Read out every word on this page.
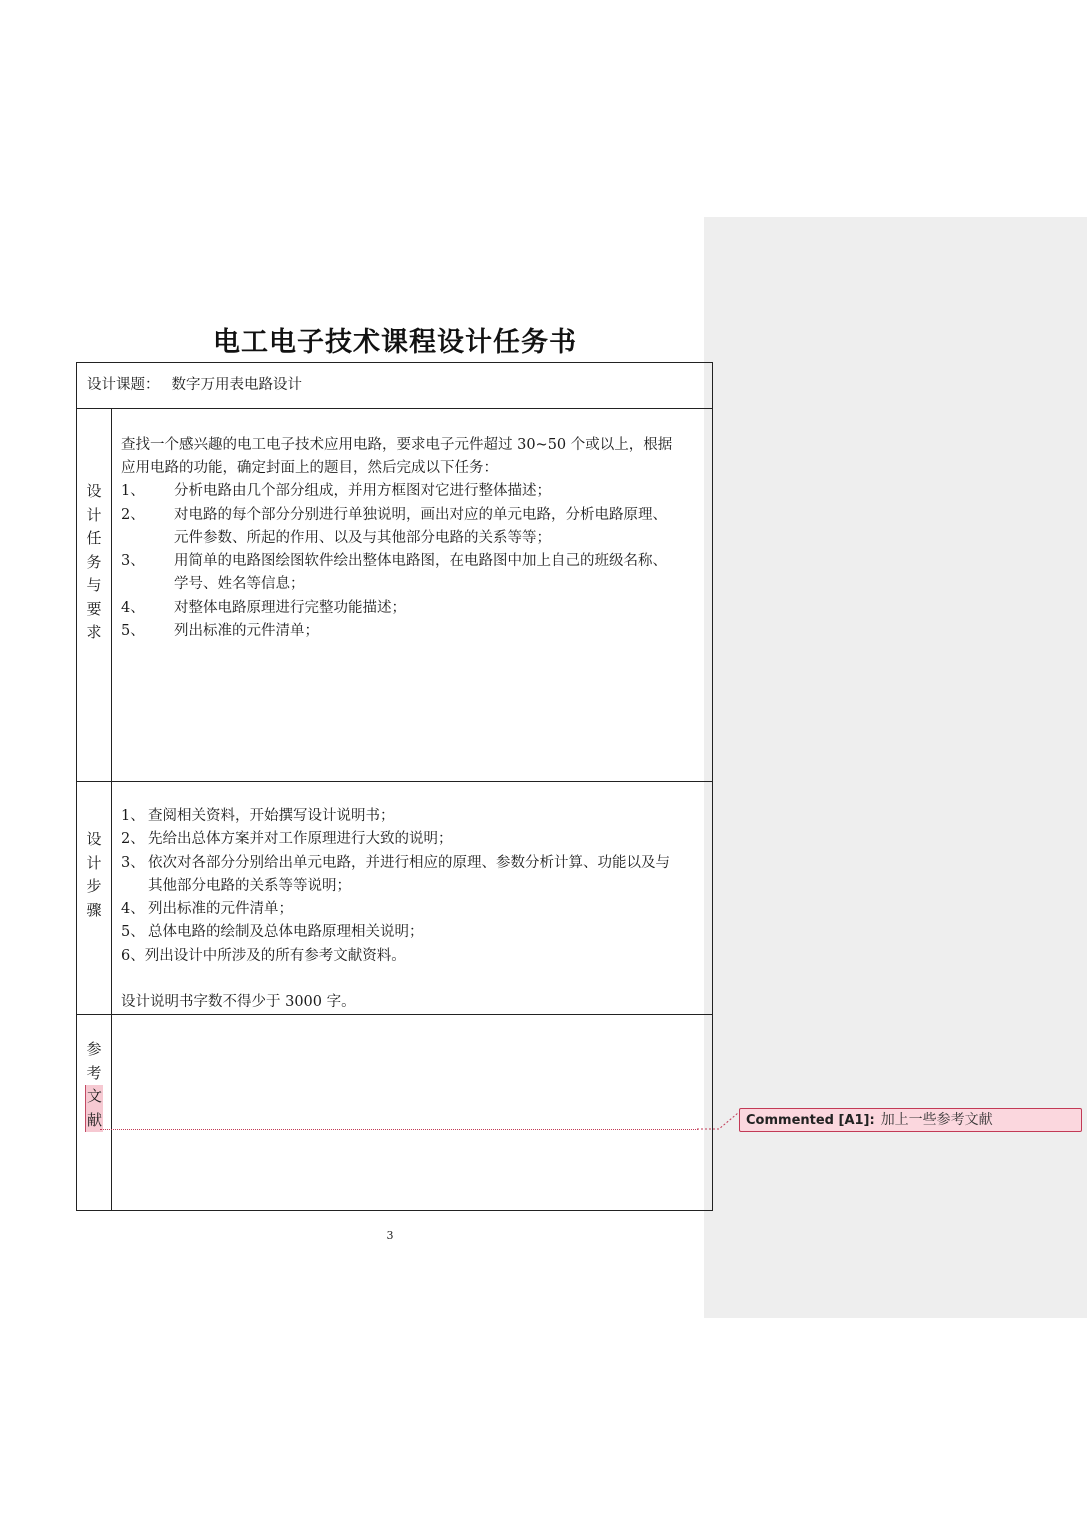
电工电子技术课程设计任务书
设计课题： 数字万用表电路设计
设
计
任
务
与
要
求
查找一个感兴趣的电工电子技术应用电路，要求电子元件超过 30~50 个或以上，根据
应用电路的功能，确定封面上的题目，然后完成以下任务：
1、 分析电路由几个部分组成，并用方框图对它进行整体描述；
2、 对电路的每个部分分别进行单独说明，画出对应的单元电路，分析电路原理、
元件参数、所起的作用、以及与其他部分电路的关系等等；
3、 用简单的电路图绘图软件绘出整体电路图，在电路图中加上自己的班级名称、
学号、姓名等信息；
4、 对整体电路原理进行完整功能描述；
5、 列出标准的元件清单；
设
计
步
骤
1、 查阅相关资料，开始撰写设计说明书；
2、 先给出总体方案并对工作原理进行大致的说明；
3、 依次对各部分分别给出单元电路，并进行相应的原理、参数分析计算、功能以及与
其他部分电路的关系等等说明；
4、 列出标准的元件清单；
5、 总体电路的绘制及总体电路原理相关说明；
6、列出设计中所涉及的所有参考文献资料。
设计说明书字数不得少于 3000 字。
参
考
文
献	Commented [A1]: 加上一些参考文献
3
